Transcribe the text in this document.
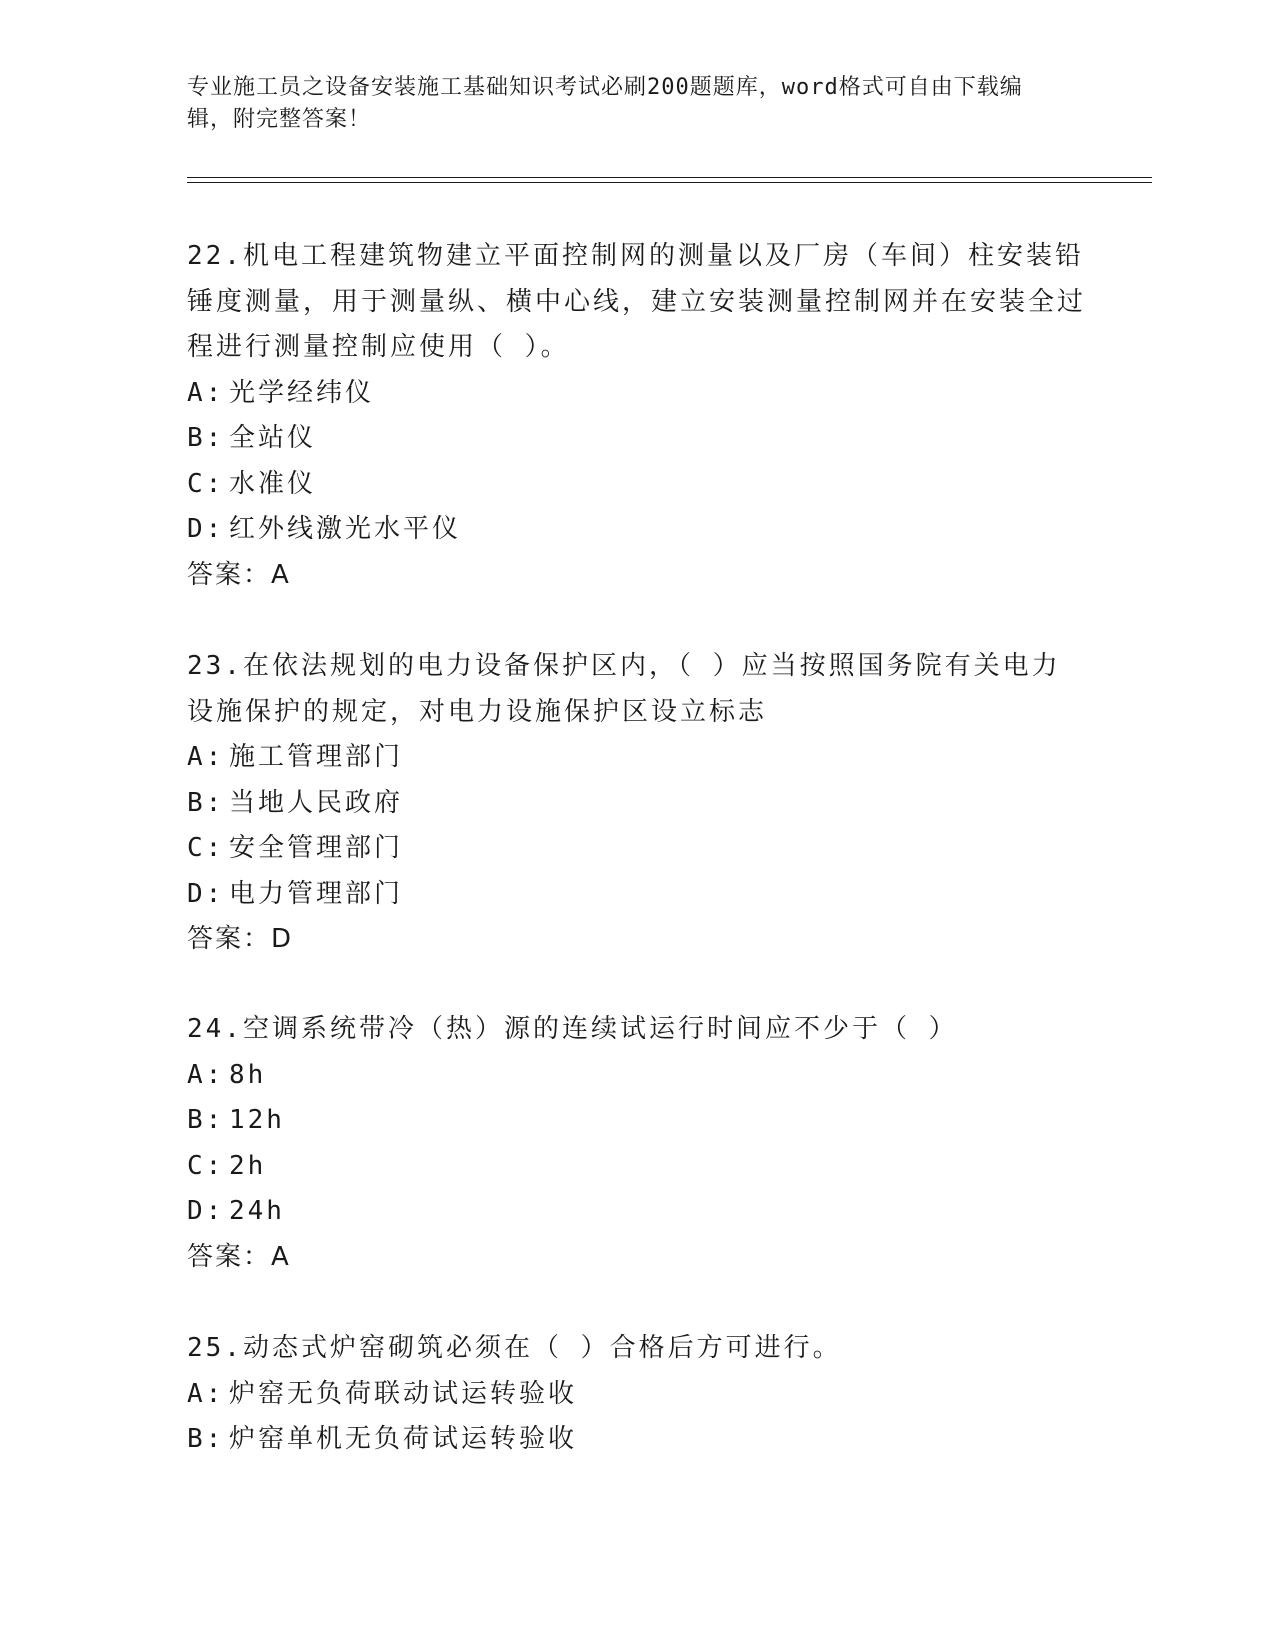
专业施工员之设备安装施工基础知识考试必刷200题题库，word格式可自由下载编辑，附完整答案！

22.机电工程建筑物建立平面控制网的测量以及厂房（车间）柱安装铅锤度测量，用于测量纵、横中心线，建立安装测量控制网并在安装全过程进行测量控制应使用（ ）。

A: 光学经纬仪

B: 全站仪

C: 水准仪

D: 红外线激光水平仪

答案：A

23.在依法规划的电力设备保护区内，（ ）应当按照国务院有关电力设施保护的规定，对电力设施保护区设立标志

A: 施工管理部门

B: 当地人民政府

C: 安全管理部门

D: 电力管理部门

答案：D

24.空调系统带冷（热）源的连续试运行时间应不少于（ ）

A: 8h

B: 12h

C: 2h

D: 24h

答案：A

25.动态式炉窑砌筑必须在（ ）合格后方可进行。

A: 炉窑无负荷联动试运转验收

B: 炉窑单机无负荷试运转验收
